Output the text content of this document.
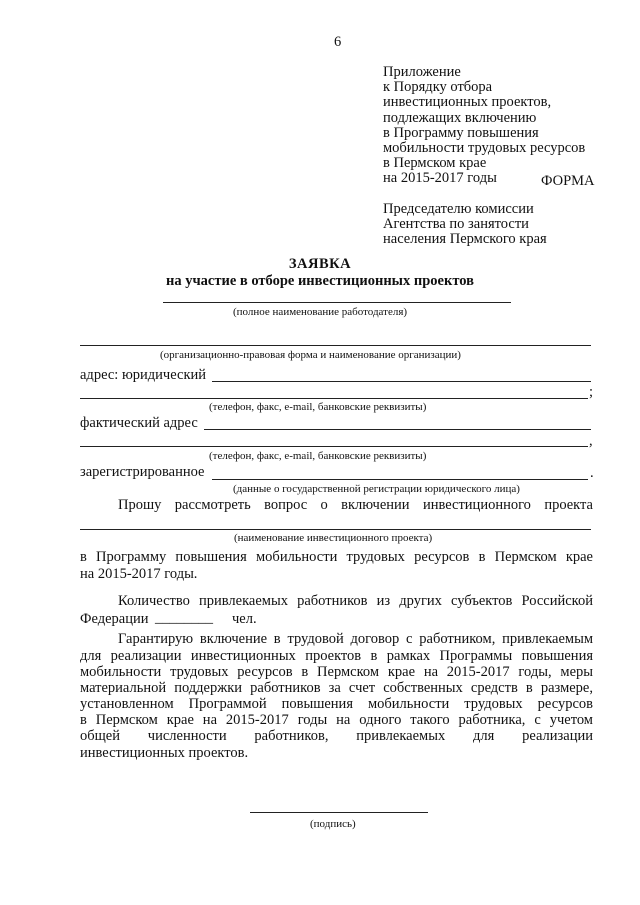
6
Приложение
к Порядку отбора
инвестиционных проектов,
подлежащих включению
в Программу повышения
мобильности трудовых ресурсов
в Пермском крае
на 2015-2017 годы	ФОРМА
Председателю комиссии
Агентства по занятости
населения Пермского края
ЗАЯВКА
на участие в отборе инвестиционных проектов
(полное наименование работодателя)
(организационно-правовая форма и наименование организации)
адрес: юридический
;
(телефон, факс, e-mail, банковские реквизиты)
фактический адрес
,
(телефон, факс, e-mail, банковские реквизиты)
зарегистрированное	.
(данные о государственной регистрации юридического лица)
Прошу рассмотреть вопрос о включении инвестиционного проекта
(наименование инвестиционного проекта)
в Программу повышения мобильности трудовых ресурсов в Пермском крае
на 2015-2017 годы.
Количество привлекаемых работников из других субъектов Российской
Федерации ________ чел.
Гарантирую включение в трудовой договор с работником, привлекаемым
для реализации инвестиционных проектов в рамках Программы повышения
мобильности трудовых ресурсов в Пермском крае на 2015-2017 годы, меры
материальной поддержки работников за счет собственных средств в размере,
установленном Программой повышения мобильности трудовых ресурсов
в Пермском крае на 2015-2017 годы на одного такого работника, с учетом
общей численности работников, привлекаемых для реализации
инвестиционных проектов.
(подпись)
